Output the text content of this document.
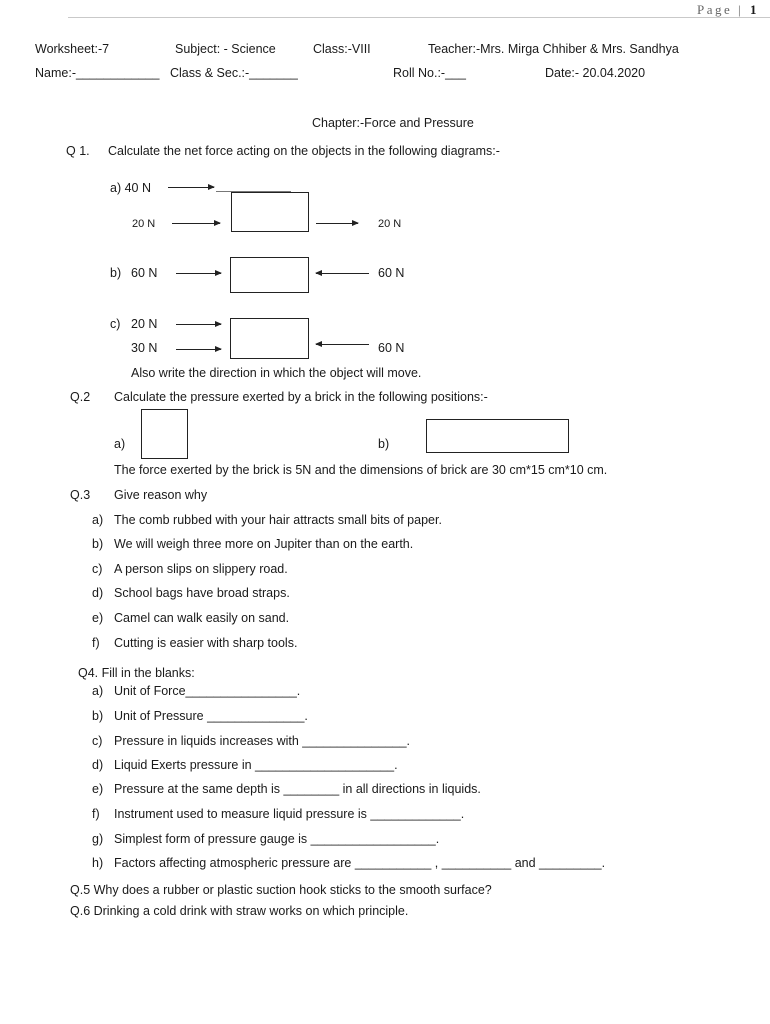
Page | 1
Worksheet:-7	Subject: - Science	Class:-VIII	Teacher:-Mrs. Mirga Chhiber & Mrs. Sandhya
Name:-____________ Class & Sec.:-_______	Roll No.:-___	Date:- 20.04.2020
Chapter:-Force and Pressure
Q 1. Calculate the net force acting on the objects in the following diagrams:-
a) 40 N
20 N	20 N
b) 60 N	60 N
c) 20 N
30 N	60 N
Also write the direction in which the object will move.
Q.2 Calculate the pressure exerted by a brick in the following positions:-
a)	b)
The force exerted by the brick is 5N and the dimensions of brick are 30 cm*15 cm*10 cm.
Q.3 Give reason why
a) The comb rubbed with your hair attracts small bits of paper.
b) We will weigh three more on Jupiter than on the earth.
c) A person slips on slippery road.
d) School bags have broad straps.
e) Camel can walk easily on sand.
f) Cutting is easier with sharp tools.
Q4. Fill in the blanks:
a) Unit of Force________________.
b) Unit of Pressure ______________.
c) Pressure in liquids increases with _______________.
d) Liquid Exerts pressure in ____________________.
e) Pressure at the same depth is ________ in all directions in liquids.
f) Instrument used to measure liquid pressure is _____________.
g) Simplest form of pressure gauge is __________________.
h) Factors affecting atmospheric pressure are ___________ , __________ and _________.
Q.5 Why does a rubber or plastic suction hook sticks to the smooth surface?
Q.6 Drinking a cold drink with straw works on which principle.
